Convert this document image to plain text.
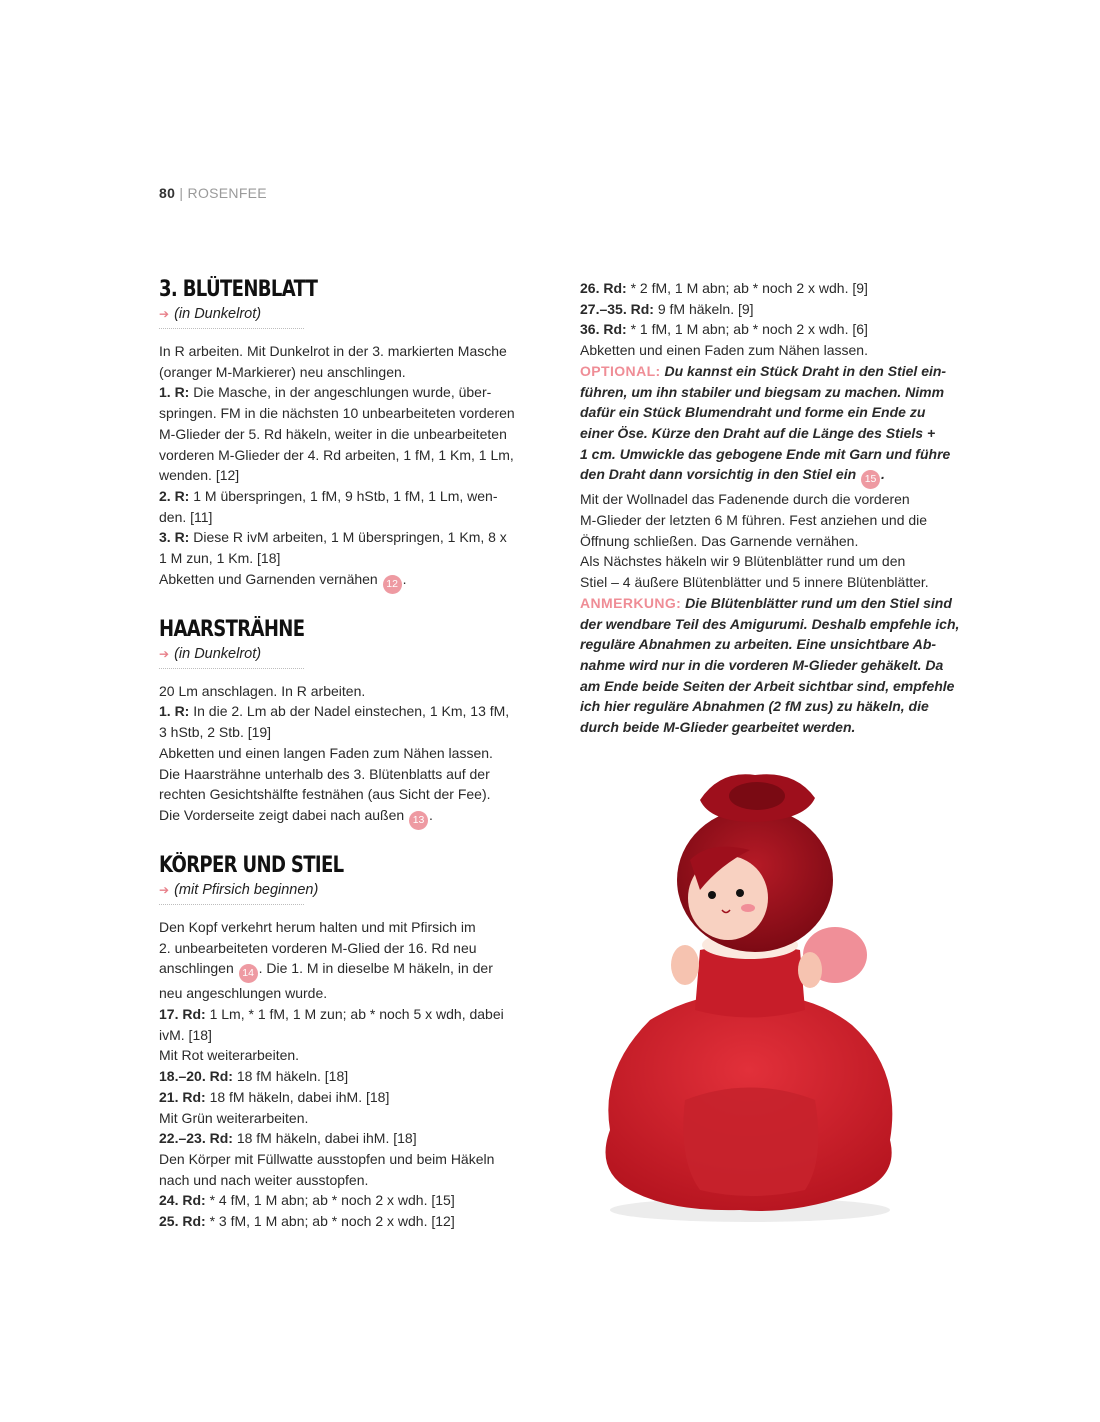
80 | ROSENFEE
3. BLÜTENBLATT
➔ (in Dunkelrot)
In R arbeiten. Mit Dunkelrot in der 3. markierten Masche
(oranger M-Markierer) neu anschlingen.
1. R: Die Masche, in der angeschlungen wurde, über-
springen. FM in die nächsten 10 unbearbeiteten vorderen
M-Glieder der 5. Rd häkeln, weiter in die unbearbeiteten
vorderen M-Glieder der 4. Rd arbeiten, 1 fM, 1 Km, 1 Lm,
wenden. [12]
2. R: 1 M überspringen, 1 fM, 9 hStb, 1 fM, 1 Lm, wen-
den. [11]
3. R: Diese R ivM arbeiten, 1 M überspringen, 1 Km, 8 x
1 M zun, 1 Km. [18]
Abketten und Garnenden vernähen 12 .
HAARSTRÄHNE
➔ (in Dunkelrot)
20 Lm anschlagen. In R arbeiten.
1. R: In die 2. Lm ab der Nadel einstechen, 1 Km, 13 fM,
3 hStb, 2 Stb. [19]
Abketten und einen langen Faden zum Nähen lassen.
Die Haarsträhne unterhalb des 3. Blütenblatts auf der
rechten Gesichtshälfte festnähen (aus Sicht der Fee).
Die Vorderseite zeigt dabei nach außen 13 .
KÖRPER UND STIEL
➔ (mit Pfirsich beginnen)
Den Kopf verkehrt herum halten und mit Pfirsich im
2. unbearbeiteten vorderen M-Glied der 16. Rd neu
anschlingen 14 . Die 1. M in dieselbe M häkeln, in der
neu angeschlungen wurde.
17. Rd: 1 Lm, * 1 fM, 1 M zun; ab * noch 5 x wdh, dabei
ivM. [18]
Mit Rot weiterarbeiten.
18.–20. Rd: 18 fM häkeln. [18]
21. Rd: 18 fM häkeln, dabei ihM. [18]
Mit Grün weiterarbeiten.
22.–23. Rd: 18 fM häkeln, dabei ihM. [18]
Den Körper mit Füllwatte ausstopfen und beim Häkeln
nach und nach weiter ausstopfen.
24. Rd: * 4 fM, 1 M abn; ab * noch 2 x wdh. [15]
25. Rd: * 3 fM, 1 M abn; ab * noch 2 x wdh. [12]
26. Rd: * 2 fM, 1 M abn; ab * noch 2 x wdh. [9]
27.–35. Rd: 9 fM häkeln. [9]
36. Rd: * 1 fM, 1 M abn; ab * noch 2 x wdh. [6]
Abketten und einen Faden zum Nähen lassen.
OPTIONAL: Du kannst ein Stück Draht in den Stiel ein-
führen, um ihn stabiler und biegsam zu machen. Nimm
dafür ein Stück Blumendraht und forme ein Ende zu
einer Öse. Kürze den Draht auf die Länge des Stiels +
1 cm. Umwickle das gebogene Ende mit Garn und führe
den Draht dann vorsichtig in den Stiel ein 15 .
Mit der Wollnadel das Fadenende durch die vorderen
M-Glieder der letzten 6 M führen. Fest anziehen und die
Öffnung schließen. Das Garnende vernähen.
Als Nächstes häkeln wir 9 Blütenblätter rund um den
Stiel – 4 äußere Blütenblätter und 5 innere Blütenblätter.
ANMERKUNG: Die Blütenblätter rund um den Stiel sind
der wendbare Teil des Amigurumi. Deshalb empfehle ich,
reguläre Abnahmen zu arbeiten. Eine unsichtbare Ab-
nahme wird nur in die vorderen M-Glieder gehäkelt. Da
am Ende beide Seiten der Arbeit sichtbar sind, empfehle
ich hier reguläre Abnahmen (2 fM zus) zu häkeln, die
durch beide M-Glieder gearbeitet werden.
